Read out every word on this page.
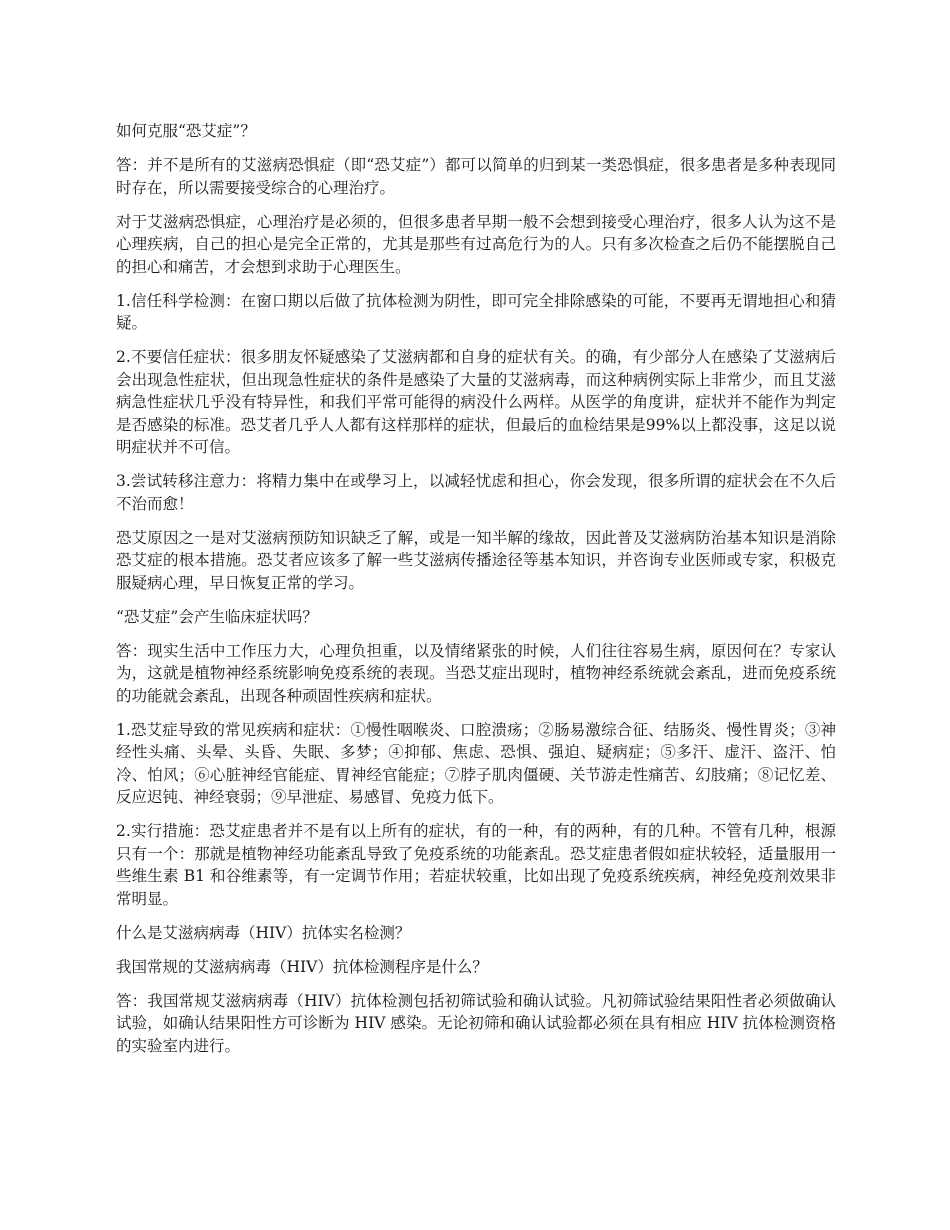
如何克服“恐艾症”？

答：并不是所有的艾滋病恐惧症（即“恐艾症”）都可以简单的归到某一类恐惧症，很多患者是多种表现同时存在，所以需要接受综合的心理治疗。

对于艾滋病恐惧症，心理治疗是必须的，但很多患者早期一般不会想到接受心理治疗，很多人认为这不是心理疾病，自己的担心是完全正常的，尤其是那些有过高危行为的人。只有多次检查之后仍不能摆脱自己的担心和痛苦，才会想到求助于心理医生。

1.信任科学检测：在窗口期以后做了抗体检测为阴性，即可完全排除感染的可能，不要再无谓地担心和猜疑。

2.不要信任症状：很多朋友怀疑感染了艾滋病都和自身的症状有关。的确，有少部分人在感染了艾滋病后会出现急性症状，但出现急性症状的条件是感染了大量的艾滋病毒，而这种病例实际上非常少，而且艾滋病急性症状几乎没有特异性，和我们平常可能得的病没什么两样。从医学的角度讲，症状并不能作为判定是否感染的标准。恐艾者几乎人人都有这样那样的症状，但最后的血检结果是99%以上都没事，这足以说明症状并不可信。

3.尝试转移注意力：将精力集中在或學习上，以减轻忧虑和担心，你会发现，很多所谓的症状会在不久后不治而愈！

恐艾原因之一是对艾滋病预防知识缺乏了解，或是一知半解的缘故，因此普及艾滋病防治基本知识是消除恐艾症的根本措施。恐艾者应该多了解一些艾滋病传播途径等基本知识，并咨询专业医师或专家，积极克服疑病心理，早日恢复正常的学习。

“恐艾症”会产生临床症状吗？

答：现实生活中工作压力大，心理负担重，以及情绪紧张的时候，人们往往容易生病，原因何在？专家认为，这就是植物神经系统影响免疫系统的表现。当恐艾症出现时，植物神经系统就会紊乱，进而免疫系统的功能就会紊乱，出现各种顽固性疾病和症状。

1.恐艾症导致的常见疾病和症状：①慢性咽喉炎、口腔溃疡；②肠易激综合征、结肠炎、慢性胃炎；③神经性头痛、头晕、头昏、失眠、多梦；④抑郁、焦虑、恐惧、强迫、疑病症；⑤多汗、虚汗、盗汗、怕冷、怕风；⑥心脏神经官能症、胃神经官能症；⑦脖子肌肉僵硬、关节游走性痛苦、幻肢痛；⑧记忆差、反应迟钝、神经衰弱；⑨早泄症、易感冒、免疫力低下。

2.实行措施：恐艾症患者并不是有以上所有的症状，有的一种，有的两种，有的几种。不管有几种，根源只有一个：那就是植物神经功能紊乱导致了免疫系统的功能紊乱。恐艾症患者假如症状较轻，适量服用一些维生素 B1 和谷维素等，有一定调节作用；若症状较重，比如出现了免疫系统疾病，神经免疫剂效果非常明显。

什么是艾滋病病毒（HIV）抗体实名检测？

我国常规的艾滋病病毒（HIV）抗体检测程序是什么？

答：我国常规艾滋病病毒（HIV）抗体检测包括初筛试验和确认试验。凡初筛试验结果阳性者必须做确认试验，如确认结果阳性方可诊断为 HIV 感染。无论初筛和确认试验都必须在具有相应 HIV 抗体检测资格的实验室内进行。
